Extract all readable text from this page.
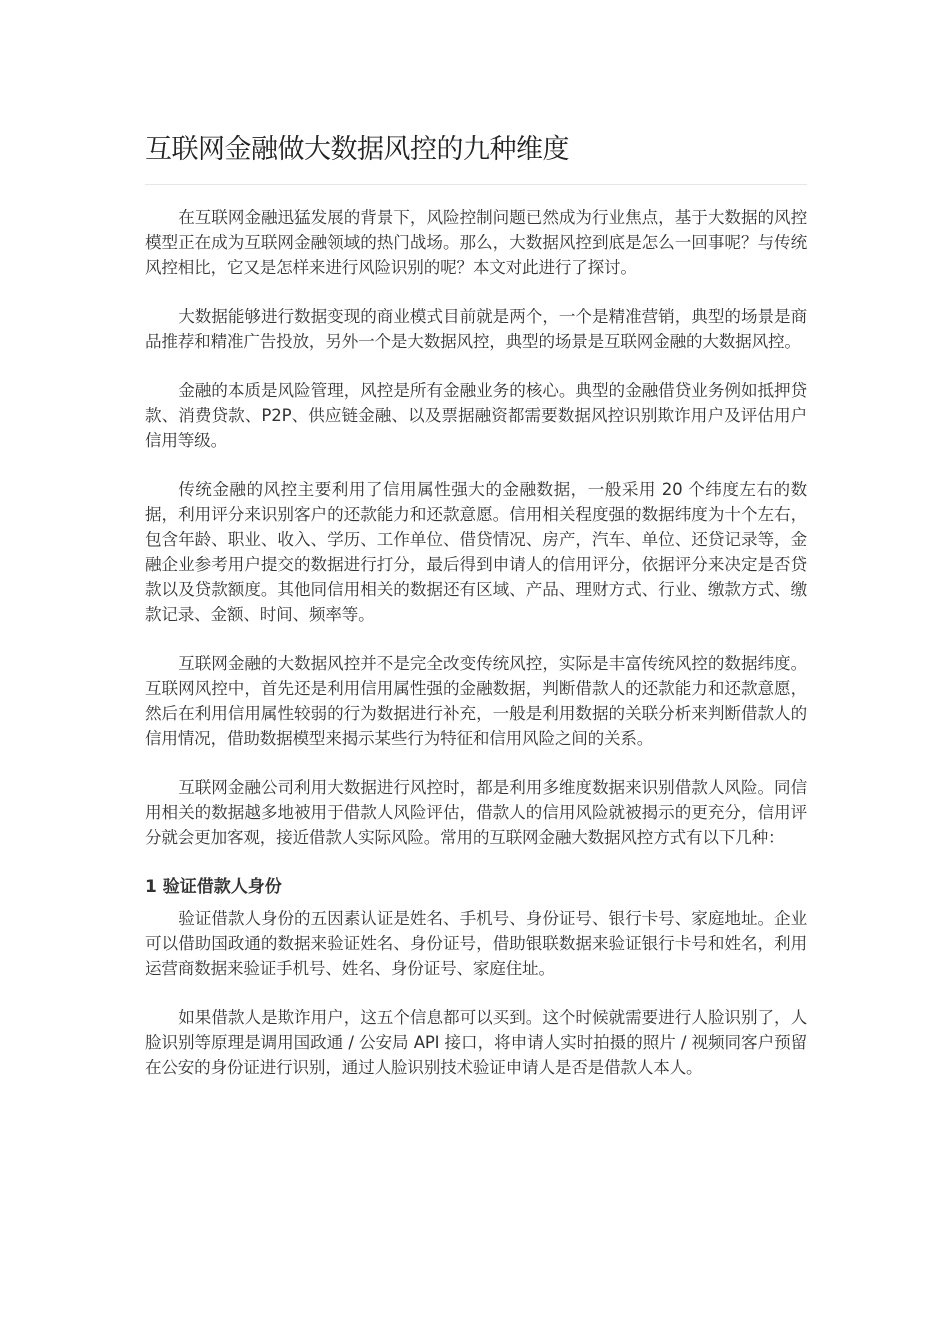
互联网金融做大数据风控的九种维度

在互联网金融迅猛发展的背景下，风险控制问题已然成为行业焦点，基于大数据的风控模型正在成为互联网金融领域的热门战场。那么，大数据风控到底是怎么一回事呢？与传统风控相比，它又是怎样来进行风险识别的呢？本文对此进行了探讨。

大数据能够进行数据变现的商业模式目前就是两个，一个是精准营销，典型的场景是商品推荐和精准广告投放，另外一个是大数据风控，典型的场景是互联网金融的大数据风控。

金融的本质是风险管理，风控是所有金融业务的核心。典型的金融借贷业务例如抵押贷款、消费贷款、P2P、供应链金融、以及票据融资都需要数据风控识别欺诈用户及评估用户信用等级。

传统金融的风控主要利用了信用属性强大的金融数据，一般采用 20 个纬度左右的数据，利用评分来识别客户的还款能力和还款意愿。信用相关程度强的数据纬度为十个左右，包含年龄、职业、收入、学历、工作单位、借贷情况、房产，汽车、单位、还贷记录等，金融企业参考用户提交的数据进行打分，最后得到申请人的信用评分，依据评分来决定是否贷款以及贷款额度。其他同信用相关的数据还有区域、产品、理财方式、行业、缴款方式、缴款记录、金额、时间、频率等。

互联网金融的大数据风控并不是完全改变传统风控，实际是丰富传统风控的数据纬度。互联网风控中，首先还是利用信用属性强的金融数据，判断借款人的还款能力和还款意愿，然后在利用信用属性较弱的行为数据进行补充，一般是利用数据的关联分析来判断借款人的信用情况，借助数据模型来揭示某些行为特征和信用风险之间的关系。

互联网金融公司利用大数据进行风控时，都是利用多维度数据来识别借款人风险。同信用相关的数据越多地被用于借款人风险评估，借款人的信用风险就被揭示的更充分，信用评分就会更加客观，接近借款人实际风险。常用的互联网金融大数据风控方式有以下几种：

1 验证借款人身份

验证借款人身份的五因素认证是姓名、手机号、身份证号、银行卡号、家庭地址。企业可以借助国政通的数据来验证姓名、身份证号，借助银联数据来验证银行卡号和姓名，利用运营商数据来验证手机号、姓名、身份证号、家庭住址。

如果借款人是欺诈用户，这五个信息都可以买到。这个时候就需要进行人脸识别了，人脸识别等原理是调用国政通 / 公安局 API 接口，将申请人实时拍摄的照片 / 视频同客户预留在公安的身份证进行识别，通过人脸识别技术验证申请人是否是借款人本人。
